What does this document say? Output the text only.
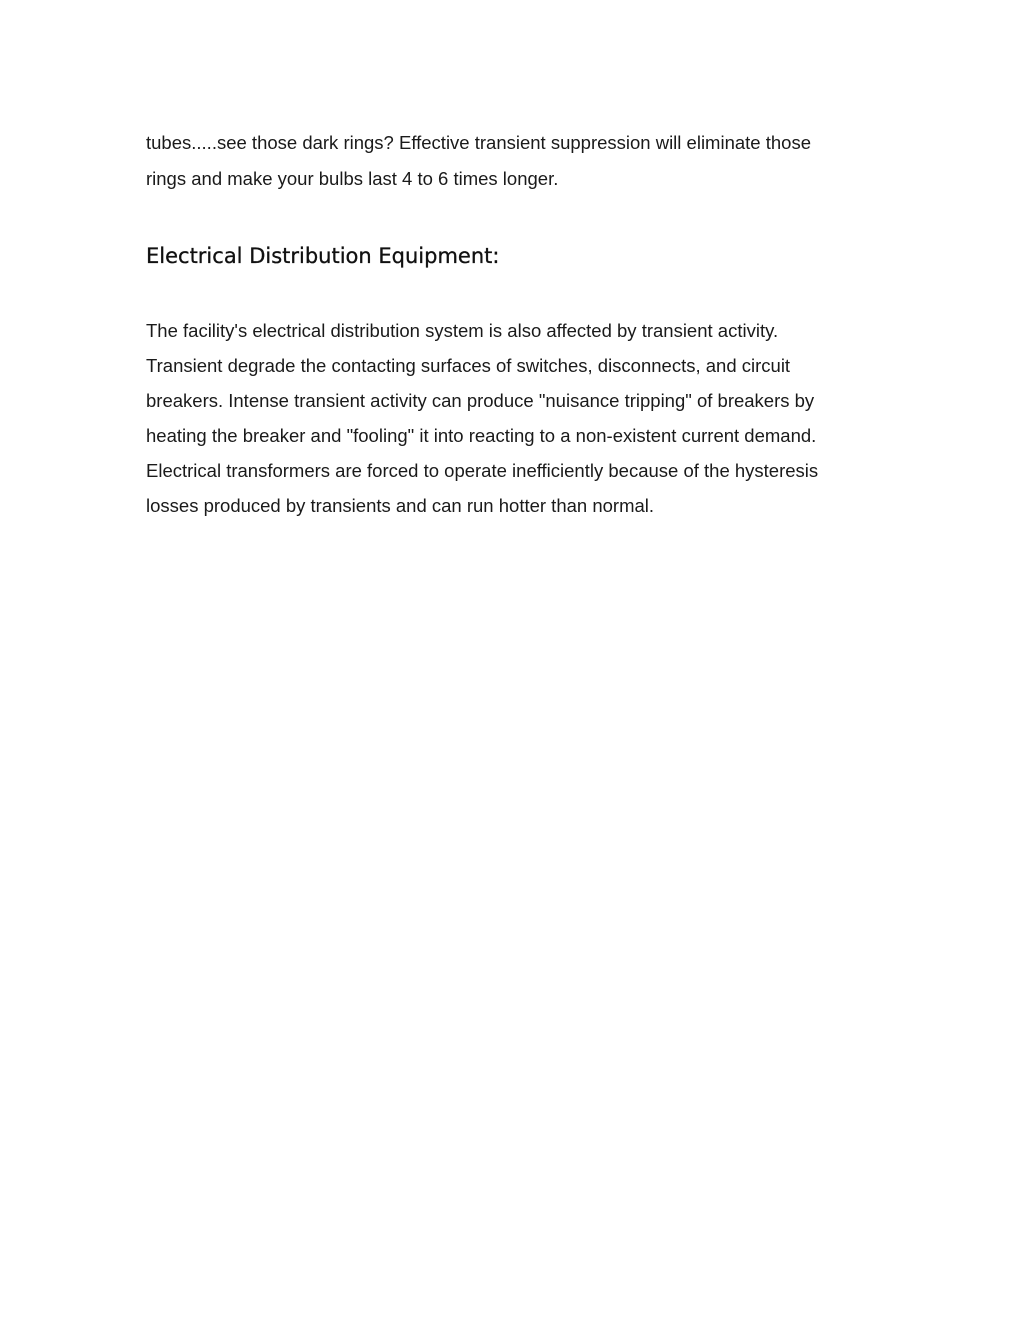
tubes.....see those dark rings? Effective transient suppression will eliminate those

rings and make your bulbs last 4 to 6 times longer.

Electrical Distribution Equipment:

The facility's electrical distribution system is also affected by transient activity.

Transient degrade the contacting surfaces of switches, disconnects, and circuit

breakers. Intense transient activity can produce "nuisance tripping" of breakers by

heating the breaker and "fooling" it into reacting to a non-existent current demand.

Electrical transformers are forced to operate inefficiently because of the hysteresis

losses produced by transients and can run hotter than normal.
